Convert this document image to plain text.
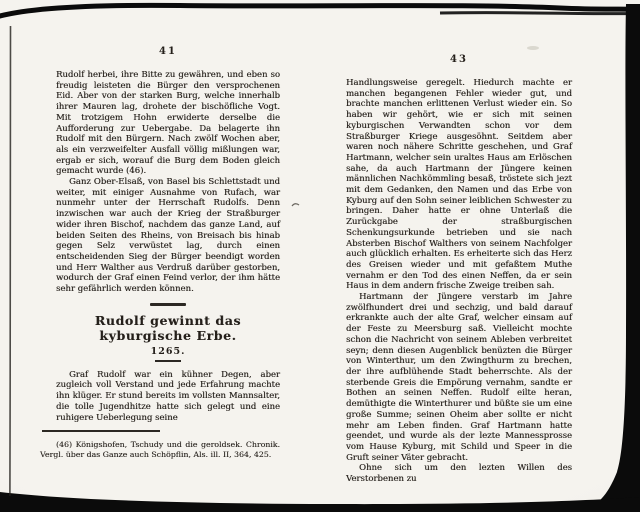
41

Rudolf herbei, ihre Bitte zu gewähren, und eben so freudig leisteten die Bürger den versprochenen Eid. Aber von der starken Burg, welche innerhalb ihrer Mauren lag, drohete der bischöfliche Vogt. Mit trotzigem Hohn erwiderte derselbe die Aufforderung zur Uebergabe. Da belagerte ihn Rudolf mit den Bürgern. Nach zwölf Wochen aber, als ein verzweifelter Ausfall völlig mißlungen war, ergab er sich, worauf die Burg dem Boden gleich gemacht wurde (46).

Ganz Ober-Elsaß, von Basel bis Schlettstadt und weiter, mit einiger Ausnahme von Rufach, war nunmehr unter der Herrschaft Rudolfs. Denn inzwischen war auch der Krieg der Straßburger wider ihren Bischof, nachdem das ganze Land, auf beiden Seiten des Rheins, von Breisach bis hinab gegen Selz verwüstet lag, durch einen entscheidenden Sieg der Bürger beendigt worden und Herr Walther aus Verdruß darüber gestorben, wodurch der Graf einen Feind verlor, der ihm hätte sehr gefährlich werden können.

Rudolf gewinnt das kyburgische Erbe.
1265.

Graf Rudolf war ein kühner Degen, aber zugleich voll Verstand und jede Erfahrung machte ihn klüger. Er stund bereits im vollsten Mannsalter, die tolle Jugendhitze hatte sich gelegt und eine ruhigere Ueberlegung seine

(46) Königshofen, Tschudy und die geroldsek. Chronik. Vergl. über das Ganze auch Schöpflin, Als. ill. II, 364, 425.

43

Handlungsweise geregelt. Hiedurch machte er manchen begangenen Fehler wieder gut, und brachte manchen erlittenen Verlust wieder ein. So haben wir gehört, wie er sich mit seinen kyburgischen Verwandten schon vor dem Straßburger Kriege ausgesöhnt. Seitdem aber waren noch nähere Schritte geschehen, und Graf Hartmann, welcher sein uraltes Haus am Erlöschen sahe, da auch Hartmann der Jüngere keinen männlichen Nachkömmling besaß, tröstete sich jezt mit dem Gedanken, den Namen und das Erbe von Kyburg auf den Sohn seiner leiblichen Schwester zu bringen. Daher hatte er ohne Unterlaß die Zurückgabe der straßburgischen Schenkungsurkunde betrieben und sie nach Absterben Bischof Walthers von seinem Nachfolger auch glücklich erhalten. Es erheiterte sich das Herz des Greisen wieder und mit gefaßtem Muthe vernahm er den Tod des einen Neffen, da er sein Haus in dem andern frische Zweige treiben sah.

Hartmann der Jüngere verstarb im Jahre zwölfhundert drei und sechzig, und bald darauf erkrankte auch der alte Graf, welcher einsam auf der Feste zu Meersburg saß. Vielleicht mochte schon die Nachricht von seinem Ableben verbreitet seyn; denn diesen Augenblick benüzten die Bürger von Winterthur, um den Zwingthurm zu brechen, der ihre aufblühende Stadt beherrschte. Als der sterbende Greis die Empörung vernahm, sandte er Bothen an seinen Neffen. Rudolf eilte heran, demüthigte die Winterthurer und büßte sie um eine große Summe; seinen Oheim aber sollte er nicht mehr am Leben finden. Graf Hartmann hatte geendet, und wurde als der lezte Mannessprosse vom Hause Kyburg, mit Schild und Speer in die Gruft seiner Väter gebracht.

Ohne sich um den lezten Willen des Verstorbenen zu
